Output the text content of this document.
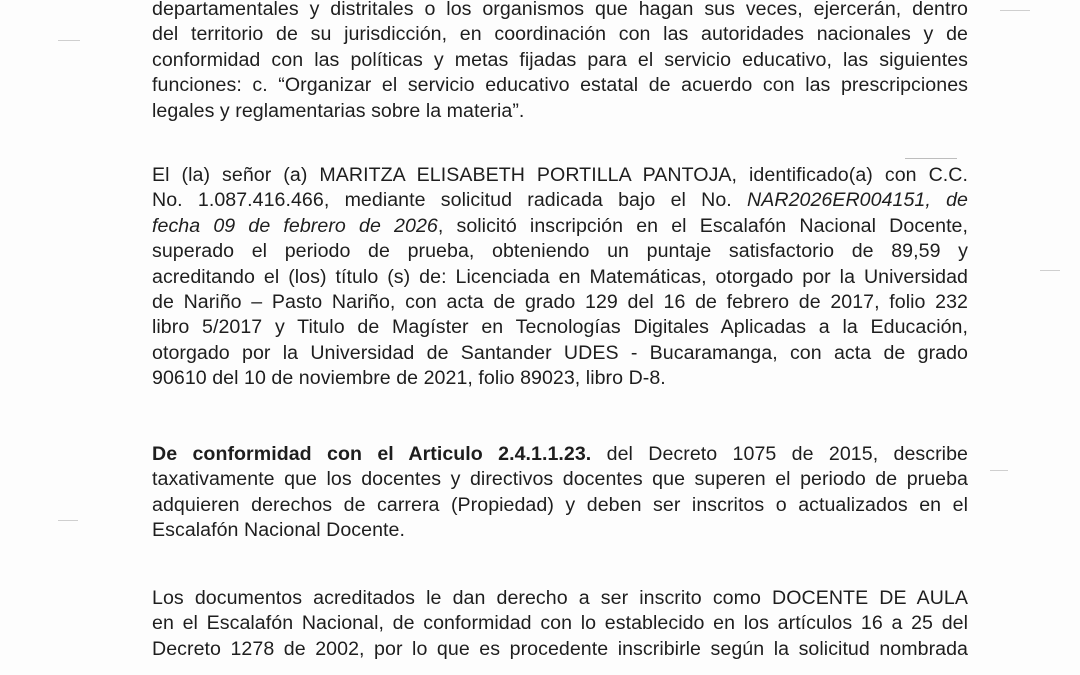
departamentales y distritales o los organismos que hagan sus veces, ejercerán, dentro
del territorio de su jurisdicción, en coordinación con las autoridades nacionales y de
conformidad con las políticas y metas fijadas para el servicio educativo, las siguientes
funciones: c. “Organizar el servicio educativo estatal de acuerdo con las prescripciones
legales y reglamentarias sobre la materia”.
El (la) señor (a) MARITZA ELISABETH PORTILLA PANTOJA, identificado(a) con C.C.
No. 1.087.416.466, mediante solicitud radicada bajo el No. NAR2026ER004151, de
fecha 09 de febrero de 2026, solicitó inscripción en el Escalafón Nacional Docente,
superado el periodo de prueba, obteniendo un puntaje satisfactorio de 89,59 y
acreditando el (los) título (s) de: Licenciada en Matemáticas, otorgado por la Universidad
de Nariño – Pasto Nariño, con acta de grado 129 del 16 de febrero de 2017, folio 232
libro 5/2017 y Titulo de Magíster en Tecnologías Digitales Aplicadas a la Educación,
otorgado por la Universidad de Santander UDES - Bucaramanga, con acta de grado
90610 del 10 de noviembre de 2021, folio 89023, libro D-8.
De conformidad con el Articulo 2.4.1.1.23. del Decreto 1075 de 2015, describe
taxativamente que los docentes y directivos docentes que superen el periodo de prueba
adquieren derechos de carrera (Propiedad) y deben ser inscritos o actualizados en el
Escalafón Nacional Docente.
Los documentos acreditados le dan derecho a ser inscrito como DOCENTE DE AULA
en el Escalafón Nacional, de conformidad con lo establecido en los artículos 16 a 25 del
Decreto 1278 de 2002, por lo que es procedente inscribirle según la solicitud nombrada
